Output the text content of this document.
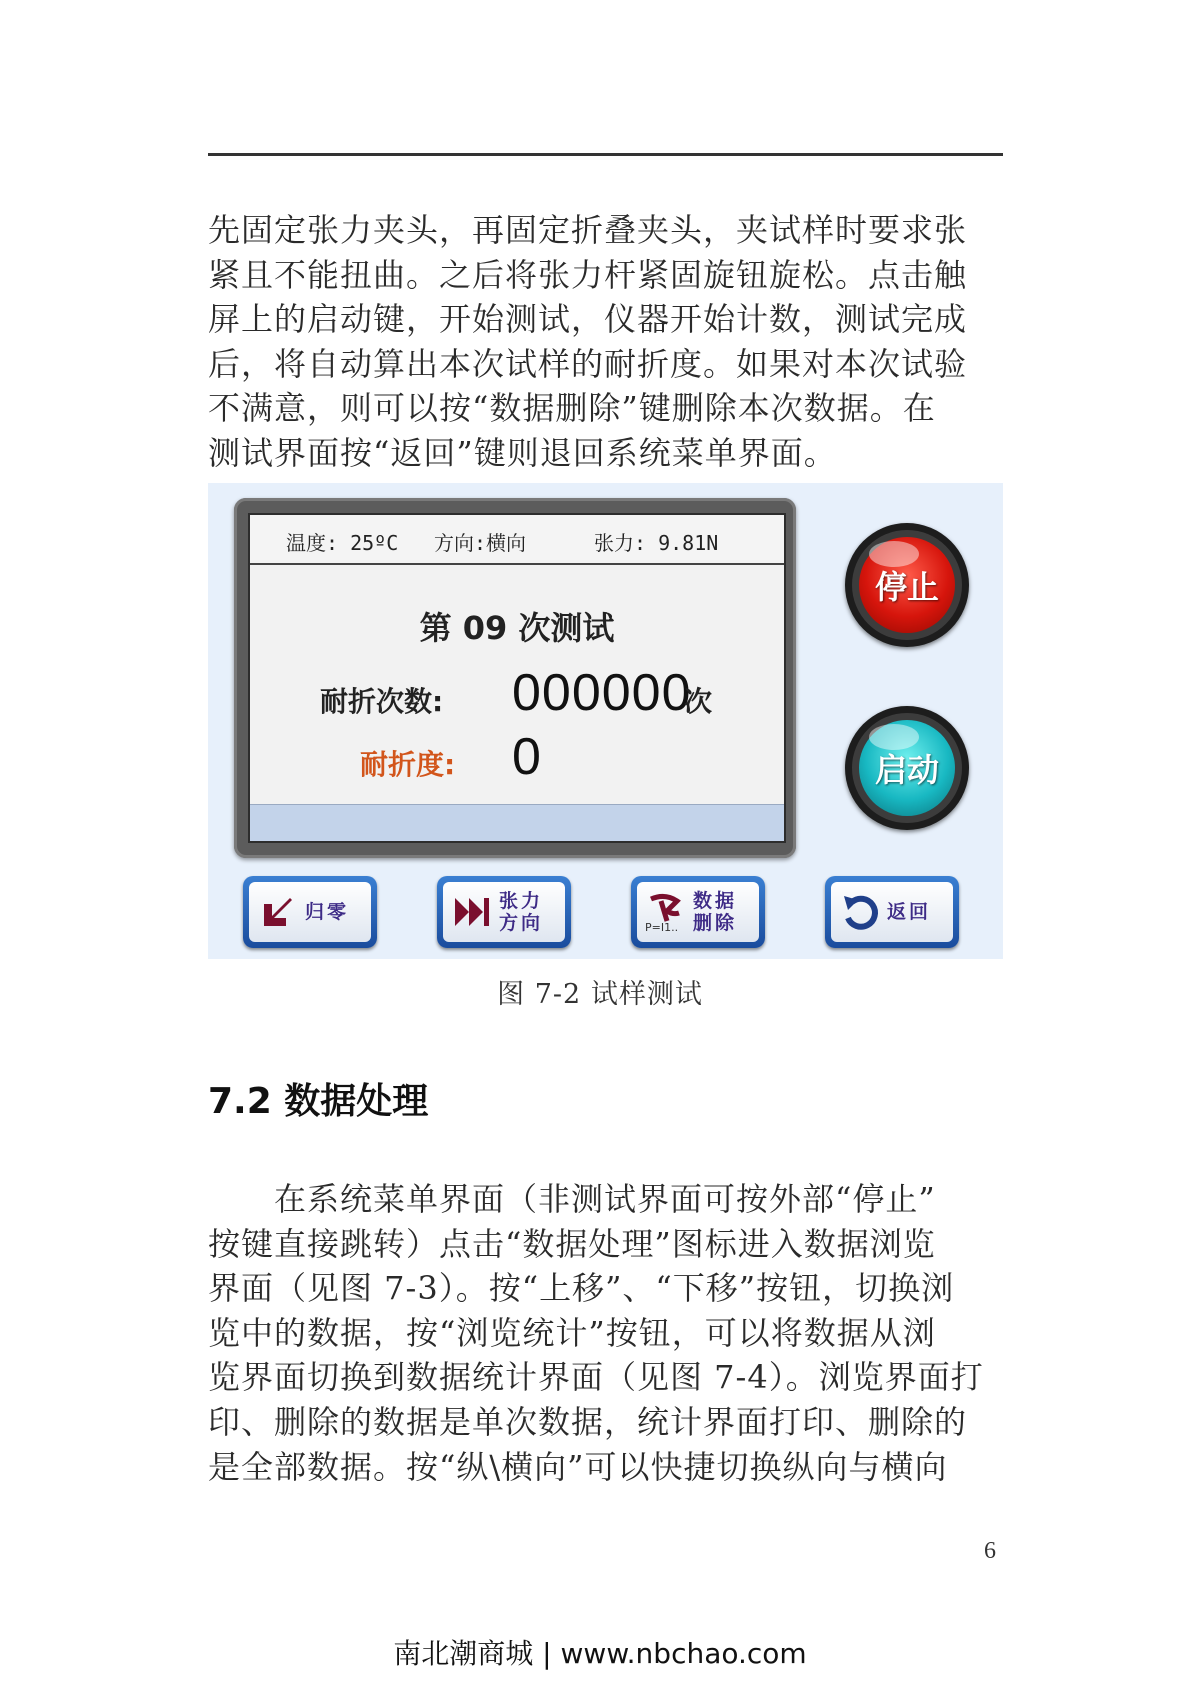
先固定张力夹头，再固定折叠夹头，夹试样时要求张
紧且不能扭曲。之后将张力杆紧固旋钮旋松。点击触
屏上的启动键，开始测试，仪器开始计数，测试完成
后，将自动算出本次试样的耐折度。如果对本次试验
不满意，则可以按“数据删除”键删除本次数据。在
测试界面按“返回”键则退回系统菜单界面。
温度: 25ºC 方向:横向	张力: 9.81N
第 09 次测试
耐折次数: 000000
次
耐折度: 0
停止
启动
归零	张力
方向	P=I1..
数据
删除	返回
图 7-2 试样测试
7.2 数据处理
　　在系统菜单界面（非测试界面可按外部“停止”
按键直接跳转）点击“数据处理”图标进入数据浏览
界面（见图 7-3）。按“上移”、“下移”按钮，切换浏
览中的数据，按“浏览统计”按钮，可以将数据从浏
览界面切换到数据统计界面（见图 7-4）。浏览界面打
印、删除的数据是单次数据，统计界面打印、删除的
是全部数据。按“纵\横向”可以快捷切换纵向与横向
6
南北潮商城 | www.nbchao.com
